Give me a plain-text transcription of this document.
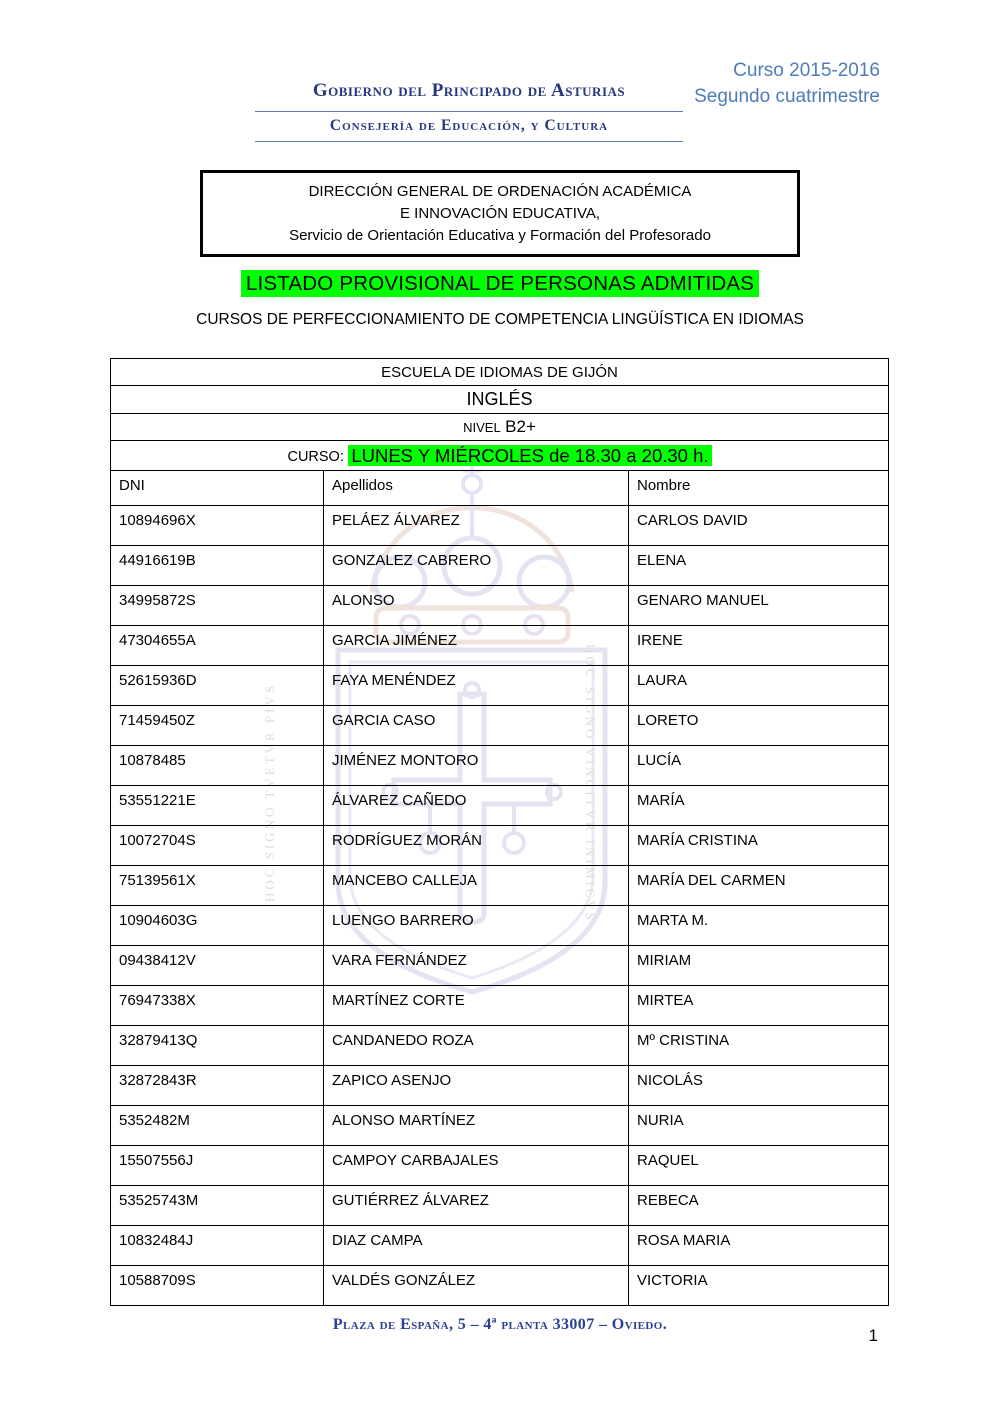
Curso 2015-2016
Segundo cuatrimestre
Gobierno del Principado de Asturias
Consejería de Educación, y Cultura
DIRECCIÓN GENERAL DE ORDENACIÓN ACADÉMICA
E INNOVACIÓN EDUCATIVA,
Servicio de Orientación Educativa y Formación del Profesorado
LISTADO PROVISIONAL DE PERSONAS ADMITIDAS
CURSOS DE PERFECCIONAMIENTO DE COMPETENCIA LINGÜÍSTICA EN IDIOMAS
HOC SIGNO TVETVR PIVS	HOC SIGNO VINCITVR INIMICVS
ESCUELA DE IDIOMAS DE GIJÓN		
INGLÉS		
NIVEL B2+		
CURSO: LUNES Y MIÉRCOLES de 18.30 a 20.30 h.		
DNI	Apellidos	Nombre
10894696X	PELÁEZ ÁLVAREZ	CARLOS DAVID
44916619B	GONZALEZ CABRERO	ELENA
34995872S	ALONSO	GENARO MANUEL
47304655A	GARCIA JIMÉNEZ	IRENE
52615936D	FAYA MENÉNDEZ	LAURA
71459450Z	GARCIA CASO	LORETO
10878485	JIMÉNEZ MONTORO	LUCÍA
53551221E	ÁLVAREZ CAÑEDO	MARÍA
10072704S	RODRÍGUEZ MORÁN	MARÍA CRISTINA
75139561X	MANCEBO CALLEJA	MARÍA DEL CARMEN
10904603G	LUENGO BARRERO	MARTA M.
09438412V	VARA FERNÁNDEZ	MIRIAM
76947338X	MARTÍNEZ CORTE	MIRTEA
32879413Q	CANDANEDO ROZA	Mº CRISTINA
32872843R	ZAPICO ASENJO	NICOLÁS
5352482M	ALONSO MARTÍNEZ	NURIA
15507556J	CAMPOY CARBAJALES	RAQUEL
53525743M	GUTIÉRREZ ÁLVAREZ	REBECA
10832484J	DIAZ CAMPA	ROSA MARIA
10588709S	VALDÉS GONZÁLEZ	VICTORIA
Plaza de España, 5 – 4ª planta 33007 – Oviedo.
1
